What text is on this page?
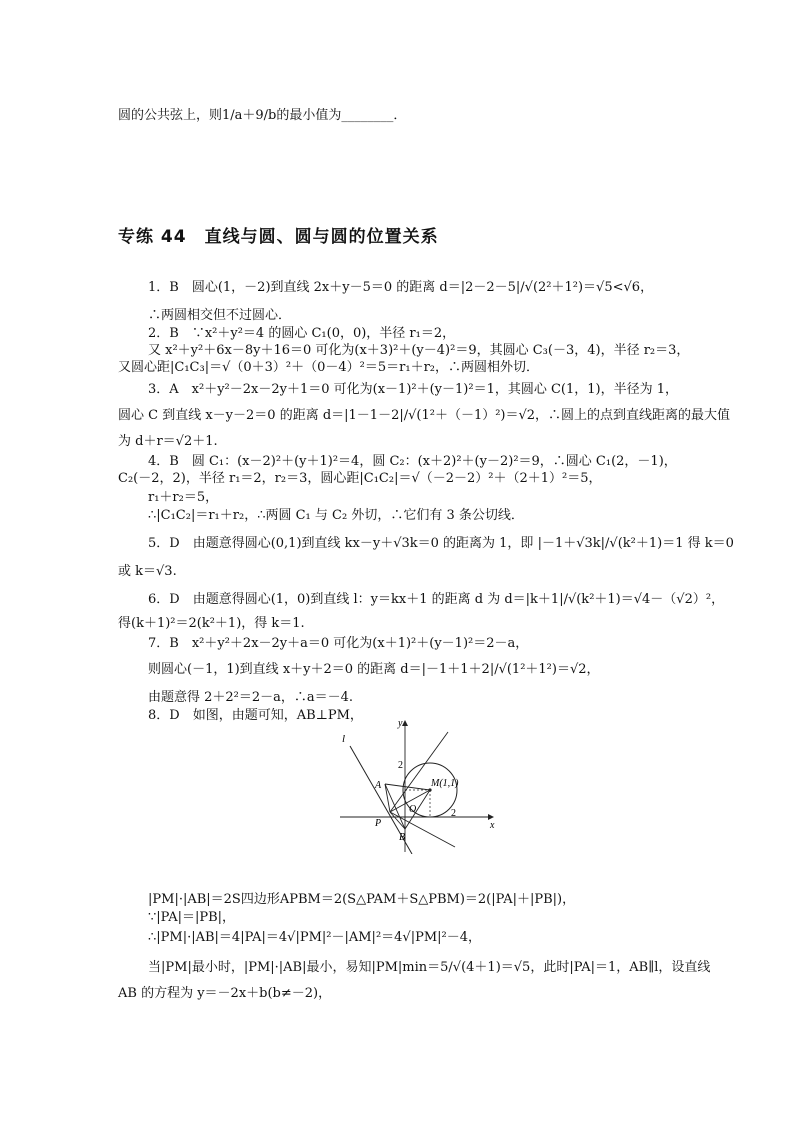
圆的公共弦上，则1/a＋9/b的最小值为________．
专练 44　直线与圆、圆与圆的位置关系
1．B　圆心(1，－2)到直线 2x＋y－5＝0 的距离 d＝|2－2－5|/√(2²＋1²)＝√5<√6，
∴两圆相交但不过圆心．
2．B　∵x²＋y²＝4 的圆心 C₁(0，0)，半径 r₁＝2，
又 x²＋y²＋6x－8y＋16＝0 可化为(x＋3)²＋(y－4)²＝9，其圆心 C₃(－3，4)，半径 r₂＝3，
又圆心距|C₁C₃|＝√（0＋3）²＋（0－4）²＝5＝r₁＋r₂，∴两圆相外切．
3．A　x²＋y²－2x－2y＋1＝0 可化为(x－1)²＋(y－1)²＝1，其圆心 C(1，1)，半径为 1，
圆心 C 到直线 x－y－2＝0 的距离 d＝|1－1－2|/√(1²＋（－1）²)＝√2，∴圆上的点到直线距离的最大值
为 d＋r＝√2＋1.
4．B　圆 C₁：(x－2)²＋(y＋1)²＝4，圆 C₂：(x＋2)²＋(y－2)²＝9，∴圆心 C₁(2，－1)，
C₂(－2，2)，半径 r₁＝2，r₂＝3，圆心距|C₁C₂|＝√（－2－2）²＋（2＋1）²＝5，
r₁＋r₂＝5，
∴|C₁C₂|＝r₁＋r₂，∴两圆 C₁ 与 C₂ 外切，∴它们有 3 条公切线．
5．D　由题意得圆心(0,1)到直线 kx－y＋√3k＝0 的距离为 1，即 |－1＋√3k|/√(k²＋1)＝1 得 k＝0
或 k＝√3.
6．D　由题意得圆心(1，0)到直线 l：y＝kx＋1 的距离 d 为 d＝|k＋1|/√(k²＋1)＝√4－（√2）²，
得(k＋1)²＝2(k²＋1)，得 k＝1.
7．B　x²＋y²＋2x－2y＋a＝0 可化为(x＋1)²＋(y－1)²＝2－a，
则圆心(－1，1)到直线 x＋y＋2＝0 的距离 d＝|－1＋1＋2|/√(1²＋1²)＝√2，
由题意得 2＋2²＝2－a，∴a＝－4.
8．D　如图，由题可知，AB⊥PM，
l
y
x
2
2
A	M(1,1)
O
P
B
|PM|·|AB|＝2S四边形APBM＝2(S△PAM＋S△PBM)＝2(|PA|＋|PB|)，
∵|PA|＝|PB|，
∴|PM|·|AB|＝4|PA|＝4√|PM|²－|AM|²＝4√|PM|²－4，
当|PM|最小时，|PM|·|AB|最小，易知|PM|min＝5/√(4＋1)＝√5，此时|PA|＝1，AB∥l，设直线
AB 的方程为 y＝－2x＋b(b≠－2)，
